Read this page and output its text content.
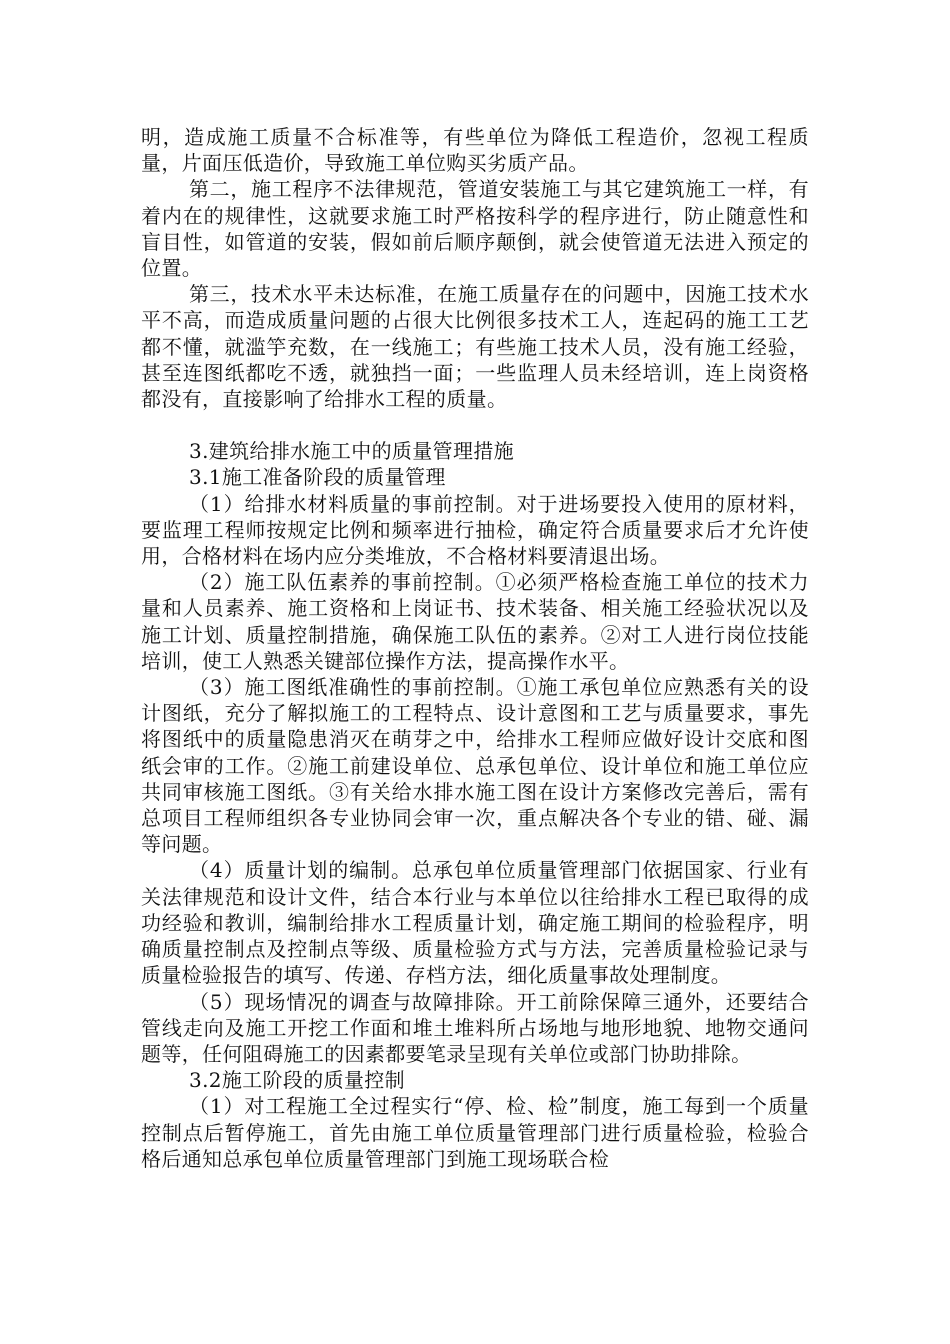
明，造成施工质量不合标准等，有些单位为降低工程造价，忽视工程质量，片面压低造价，导致施工单位购买劣质产品。

第二，施工程序不法律规范，管道安装施工与其它建筑施工一样，有着内在的规律性，这就要求施工时严格按科学的程序进行，防止随意性和盲目性，如管道的安装，假如前后顺序颠倒，就会使管道无法进入预定的位置。

第三，技术水平未达标准，在施工质量存在的问题中，因施工技术水平不高，而造成质量问题的占很大比例很多技术工人，连起码的施工工艺都不懂，就滥竽充数，在一线施工；有些施工技术人员，没有施工经验，甚至连图纸都吃不透，就独挡一面；一些监理人员未经培训，连上岗资格都没有，直接影响了给排水工程的质量。

3.建筑给排水施工中的质量管理措施

3.1施工准备阶段的质量管理

（1）给排水材料质量的事前控制。对于进场要投入使用的原材料，要监理工程师按规定比例和频率进行抽检，确定符合质量要求后才允许使用，合格材料在场内应分类堆放，不合格材料要清退出场。

（2）施工队伍素养的事前控制。①必须严格检查施工单位的技术力量和人员素养、施工资格和上岗证书、技术装备、相关施工经验状况以及施工计划、质量控制措施，确保施工队伍的素养。②对工人进行岗位技能培训，使工人熟悉关键部位操作方法，提高操作水平。

（3）施工图纸准确性的事前控制。①施工承包单位应熟悉有关的设计图纸，充分了解拟施工的工程特点、设计意图和工艺与质量要求，事先将图纸中的质量隐患消灭在萌芽之中，给排水工程师应做好设计交底和图纸会审的工作。②施工前建设单位、总承包单位、设计单位和施工单位应共同审核施工图纸。③有关给水排水施工图在设计方案修改完善后，需有总项目工程师组织各专业协同会审一次，重点解决各个专业的错、碰、漏等问题。

（4）质量计划的编制。总承包单位质量管理部门依据国家、行业有关法律规范和设计文件，结合本行业与本单位以往给排水工程已取得的成功经验和教训，编制给排水工程质量计划，确定施工期间的检验程序，明确质量控制点及控制点等级、质量检验方式与方法，完善质量检验记录与质量检验报告的填写、传递、存档方法，细化质量事故处理制度。

（5）现场情况的调查与故障排除。开工前除保障三通外，还要结合管线走向及施工开挖工作面和堆土堆料所占场地与地形地貌、地物交通问题等，任何阻碍施工的因素都要笔录呈现有关单位或部门协助排除。

3.2施工阶段的质量控制

（1）对工程施工全过程实行“停、检、检”制度，施工每到一个质量控制点后暂停施工，首先由施工单位质量管理部门进行质量检验，检验合格后通知总承包单位质量管理部门到施工现场联合检
